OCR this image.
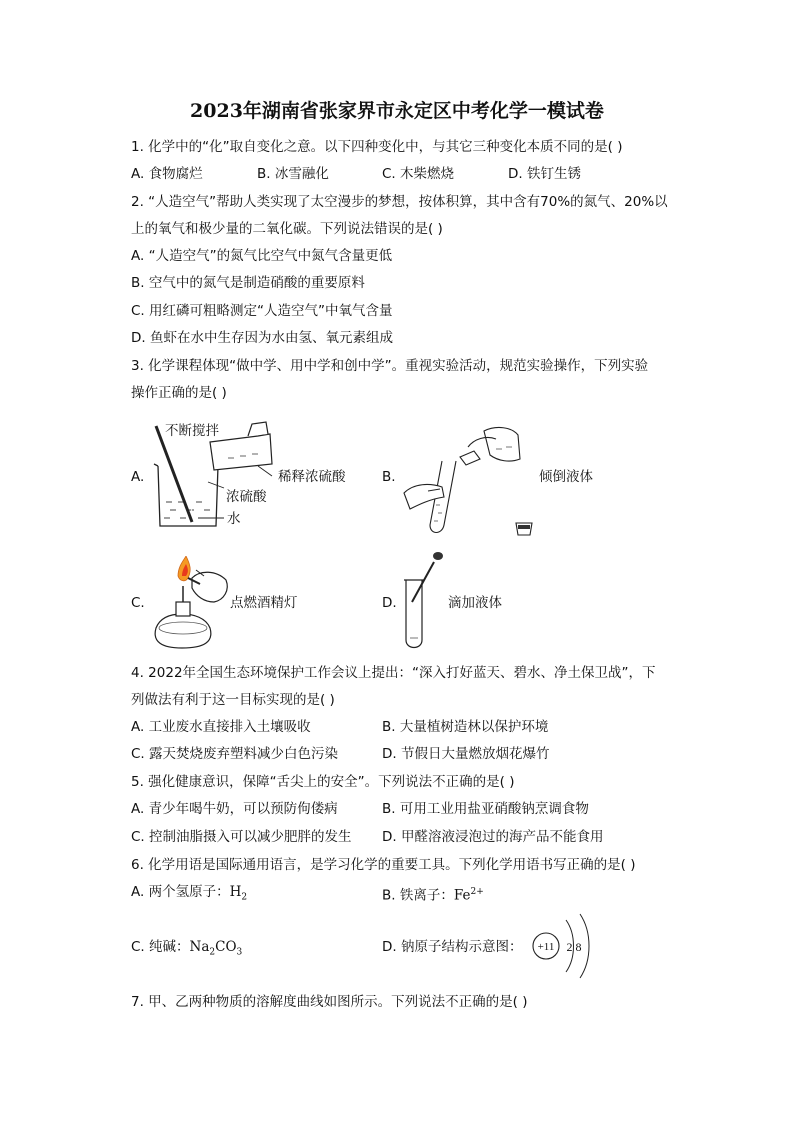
2023年湖南省张家界市永定区中考化学一模试卷
1. 化学中的“化”取自变化之意。以下四种变化中，与其它三种变化本质不同的是( )
A. 食物腐烂	B. 冰雪融化	C. 木柴燃烧	D. 铁钉生锈
2. “人造空气”帮助人类实现了太空漫步的梦想，按体积算，其中含有70%的氮气、20%以
上的氧气和极少量的二氧化碳。下列说法错误的是( )
A. “人造空气”的氮气比空气中氮气含量更低
B. 空气中的氮气是制造硝酸的重要原料
C. 用红磷可粗略测定“人造空气”中氧气含量
D. 鱼虾在水中生存因为水由氢、氧元素组成
3. 化学课程体现“做中学、用中学和创中学”。重视实验活动，规范实验操作，下列实验
操作正确的是( )
A.
不断搅拌
稀释浓硫酸
浓硫酸
水
B.	倾倒液体
C.	点燃酒精灯	D.	滴加液体
4. 2022年全国生态环境保护工作会议上提出：“深入打好蓝天、碧水、净土保卫战”，下
列做法有利于这一目标实现的是( )
A. 工业废水直接排入土壤吸收	B. 大量植树造林以保护环境
C. 露天焚烧废弃塑料减少白色污染	D. 节假日大量燃放烟花爆竹
5. 强化健康意识，保障“舌尖上的安全”。下列说法不正确的是( )
A. 青少年喝牛奶，可以预防佝偻病	B. 可用工业用盐亚硝酸钠烹调食物
C. 控制油脂摄入可以减少肥胖的发生 D. 甲醛溶液浸泡过的海产品不能食用
6. 化学用语是国际通用语言，是学习化学的重要工具。下列化学用语书写正确的是( )
A. 两个氢原子：$H_2$	B. 铁离子：$Fe^{2+}$
C. 纯碱：$Na_2CO_3$	D. 钠原子结构示意图： +11 2 8
7. 甲、乙两种物质的溶解度曲线如图所示。下列说法不正确的是( )
